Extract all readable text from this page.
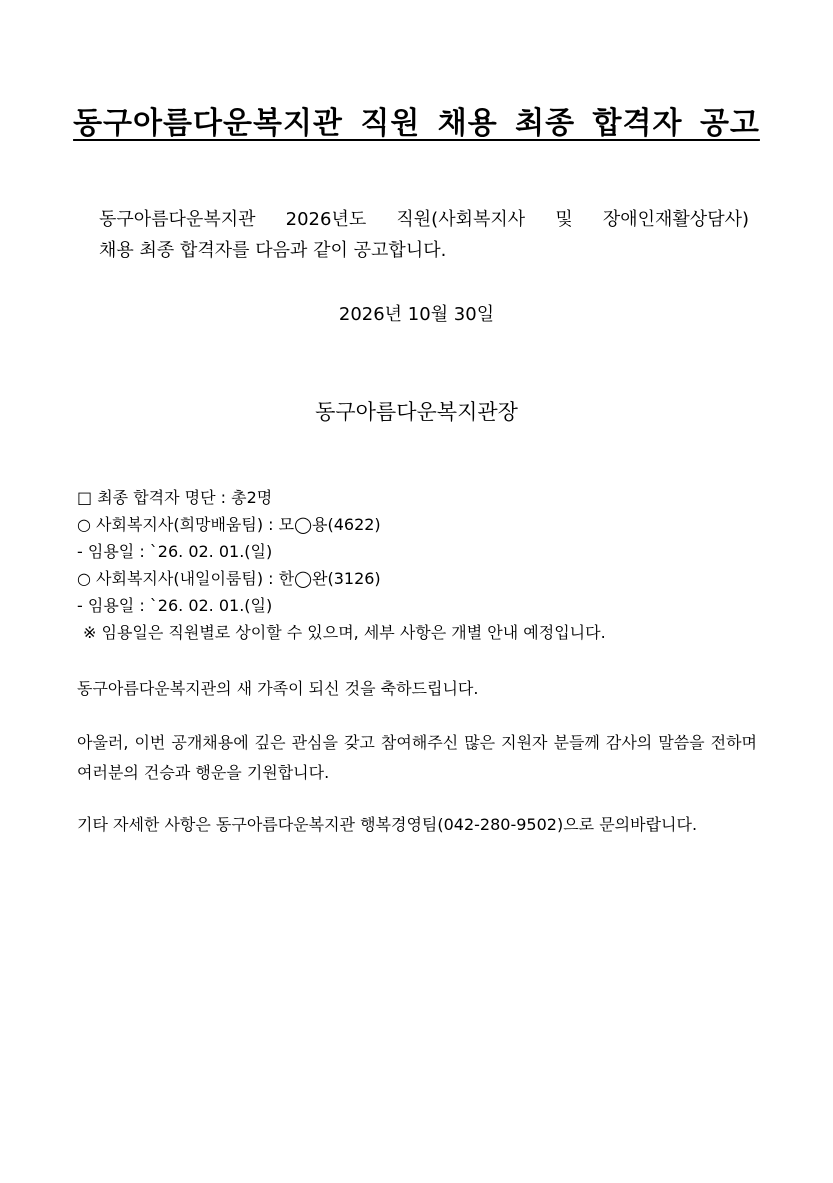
동구아름다운복지관 직원 채용 최종 합격자 공고

동구아름다운복지관 2026년도 직원(사회복지사 및 장애인재활상담사)
채용 최종 합격자를 다음과 같이 공고합니다.

2026년 10월 30일

동구아름다운복지관장

□ 최종 합격자 명단 : 총2명
○ 사회복지사(희망배움팀) : 모◯용(4622)
- 임용일 : `26. 02. 01.(일)
○ 사회복지사(내일이룸팀) : 한◯완(3126)
- 임용일 : `26. 02. 01.(일)
※ 임용일은 직원별로 상이할 수 있으며, 세부 사항은 개별 안내 예정입니다.

동구아름다운복지관의 새 가족이 되신 것을 축하드립니다.

아울러, 이번 공개채용에 깊은 관심을 갖고 참여해주신 많은 지원자 분들께 감사의 말씀을 전하며 여러분의 건승과 행운을 기원합니다.

기타 자세한 사항은 동구아름다운복지관 행복경영팀(042-280-9502)으로 문의바랍니다.
